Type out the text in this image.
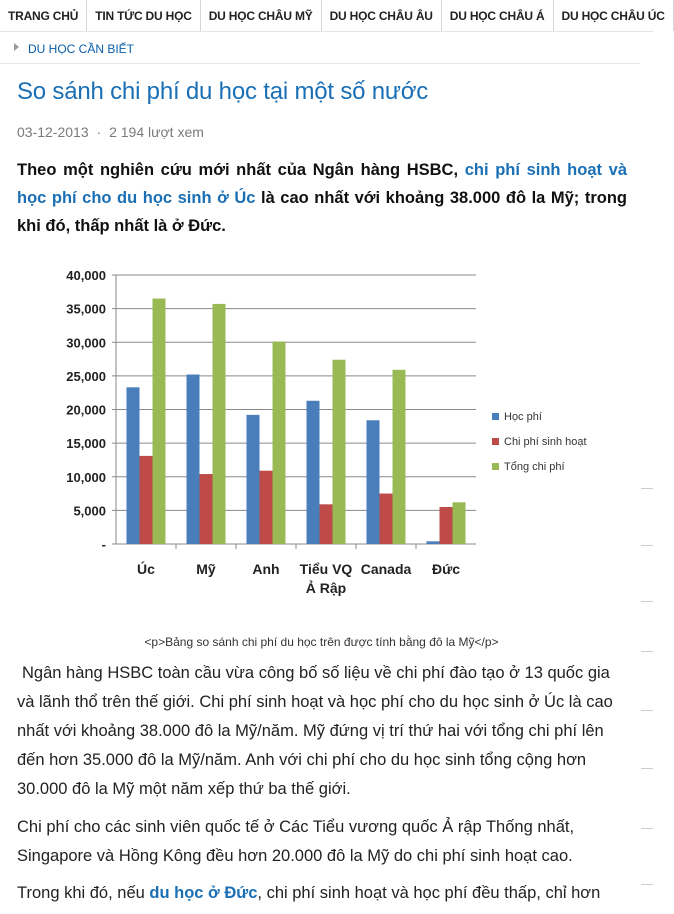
TRANG CHỦ	TIN TỨC DU HỌC	DU HỌC CHÂU MỸ	DU HỌC CHÂU ÂU	DU HỌC CHÂU Á	DU HỌC CHÂU ÚC
DU HỌC CẦN BIẾT
So sánh chi phí du học tại một số nước
03-12-2013 · 2 194 lượt xem

Theo một nghiên cứu mới nhất của Ngân hàng HSBC, chi phí sinh hoạt và học phí cho du học sinh ở Úc là cao nhất với khoảng 38.000 đô la Mỹ; trong khi đó, thấp nhất là ở Đức.

-
5,000
10,000
15,000
20,000
25,000
30,000
35,000
40,000
Úc	Mỹ	Anh Tiểu VQ
Ả Rập
Canada Đức
Học phí
Chi phí sinh hoạt
Tổng chi phí
<p>Bảng so sánh chi phí du học trên được tính bằng đô la Mỹ</p>

Ngân hàng HSBC toàn cầu vừa công bố số liệu về chi phí đào tạo ở 13 quốc gia và lãnh thổ trên thế giới. Chi phí sinh hoạt và học phí cho du học sinh ở Úc là cao nhất với khoảng 38.000 đô la Mỹ/năm. Mỹ đứng vị trí thứ hai với tổng chi phí lên đến hơn 35.000 đô la Mỹ/năm. Anh với chi phí cho du học sinh tổng cộng hơn 30.000 đô la Mỹ một năm xếp thứ ba thế giới.

Chi phí cho các sinh viên quốc tế ở Các Tiểu vương quốc Ả rập Thống nhất, Singapore và Hồng Kông đều hơn 20.000 đô la Mỹ do chi phí sinh hoạt cao.

Trong khi đó, nếu du học ở Đức, chi phí sinh hoạt và học phí đều thấp, chỉ hơn
